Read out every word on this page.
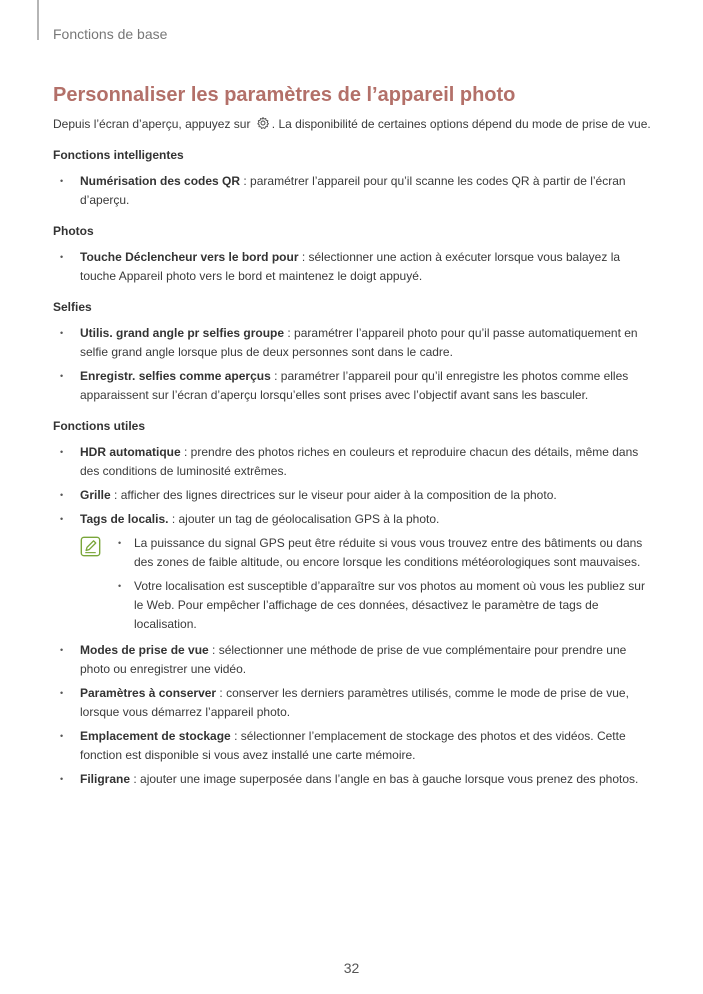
Fonctions de base
Personnaliser les paramètres de l’appareil photo
Depuis l’écran d’aperçu, appuyez sur . La disponibilité de certaines options dépend du mode de prise de vue.
Fonctions intelligentes
• Numérisation des codes QR : paramétrer l’appareil pour qu’il scanne les codes QR à partir de l’écran d’aperçu.
Photos
• Touche Déclencheur vers le bord pour : sélectionner une action à exécuter lorsque vous balayez la touche Appareil photo vers le bord et maintenez le doigt appuyé.
Selfies
• Utilis. grand angle pr selfies groupe : paramétrer l’appareil photo pour qu’il passe automatiquement en selfie grand angle lorsque plus de deux personnes sont dans le cadre.
• Enregistr. selfies comme aperçus : paramétrer l’appareil pour qu’il enregistre les photos comme elles apparaissent sur l’écran d’aperçu lorsqu’elles sont prises avec l’objectif avant sans les basculer.
Fonctions utiles
• HDR automatique : prendre des photos riches en couleurs et reproduire chacun des détails, même dans des conditions de luminosité extrêmes.
• Grille : afficher des lignes directrices sur le viseur pour aider à la composition de la photo.
• Tags de localis. : ajouter un tag de géolocalisation GPS à la photo.
• La puissance du signal GPS peut être réduite si vous vous trouvez entre des bâtiments ou dans des zones de faible altitude, ou encore lorsque les conditions météorologiques sont mauvaises.
• Votre localisation est susceptible d’apparaître sur vos photos au moment où vous les publiez sur le Web. Pour empêcher l’affichage de ces données, désactivez le paramètre de tags de localisation.
• Modes de prise de vue : sélectionner une méthode de prise de vue complémentaire pour prendre une photo ou enregistrer une vidéo.
• Paramètres à conserver : conserver les derniers paramètres utilisés, comme le mode de prise de vue, lorsque vous démarrez l’appareil photo.
• Emplacement de stockage : sélectionner l’emplacement de stockage des photos et des vidéos. Cette fonction est disponible si vous avez installé une carte mémoire.
• Filigrane : ajouter une image superposée dans l’angle en bas à gauche lorsque vous prenez des photos.
32
